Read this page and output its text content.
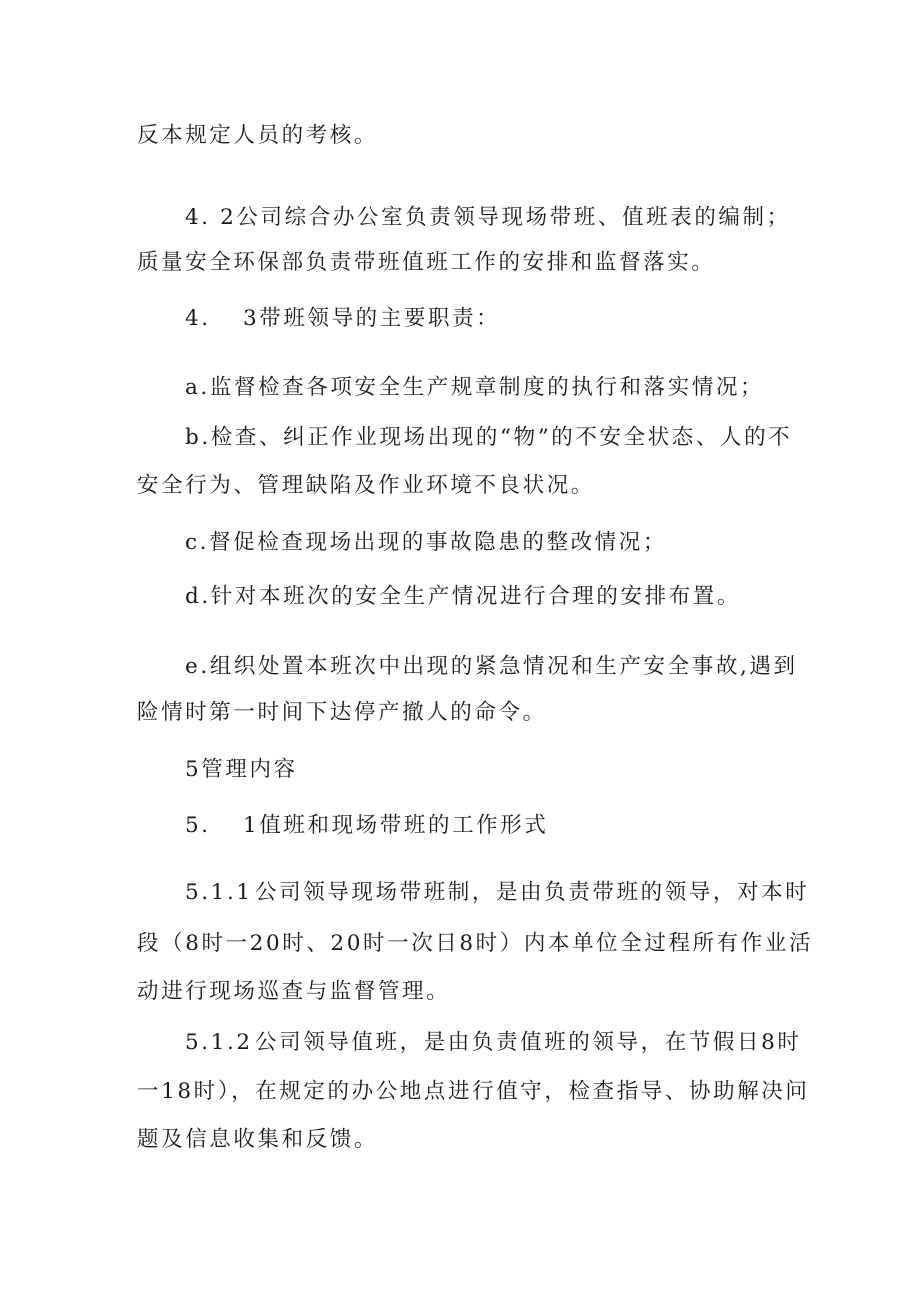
反本规定人员的考核。
4. 2公司综合办公室负责领导现场带班、值班表的编制；
质量安全环保部负责带班值班工作的安排和监督落实。
4. 3带班领导的主要职责：
a.监督检查各项安全生产规章制度的执行和落实情况；
b.检查、纠正作业现场出现的“物”的不安全状态、人的不
安全行为、管理缺陷及作业环境不良状况。
c.督促检查现场出现的事故隐患的整改情况；
d.针对本班次的安全生产情况进行合理的安排布置。
e.组织处置本班次中出现的紧急情况和生产安全事故,遇到
险情时第一时间下达停产撤人的命令。
5管理内容
5. 1值班和现场带班的工作形式
5.1.1 公司领导现场带班制，是由负责带班的领导，对本时
段（8时一20时、20时一次日8时）内本单位全过程所有作业活
动进行现场巡查与监督管理。
5.1.2 公司领导值班，是由负责值班的领导，在节假日8时
一18时），在规定的办公地点进行值守，检查指导、协助解决问
题及信息收集和反馈。
